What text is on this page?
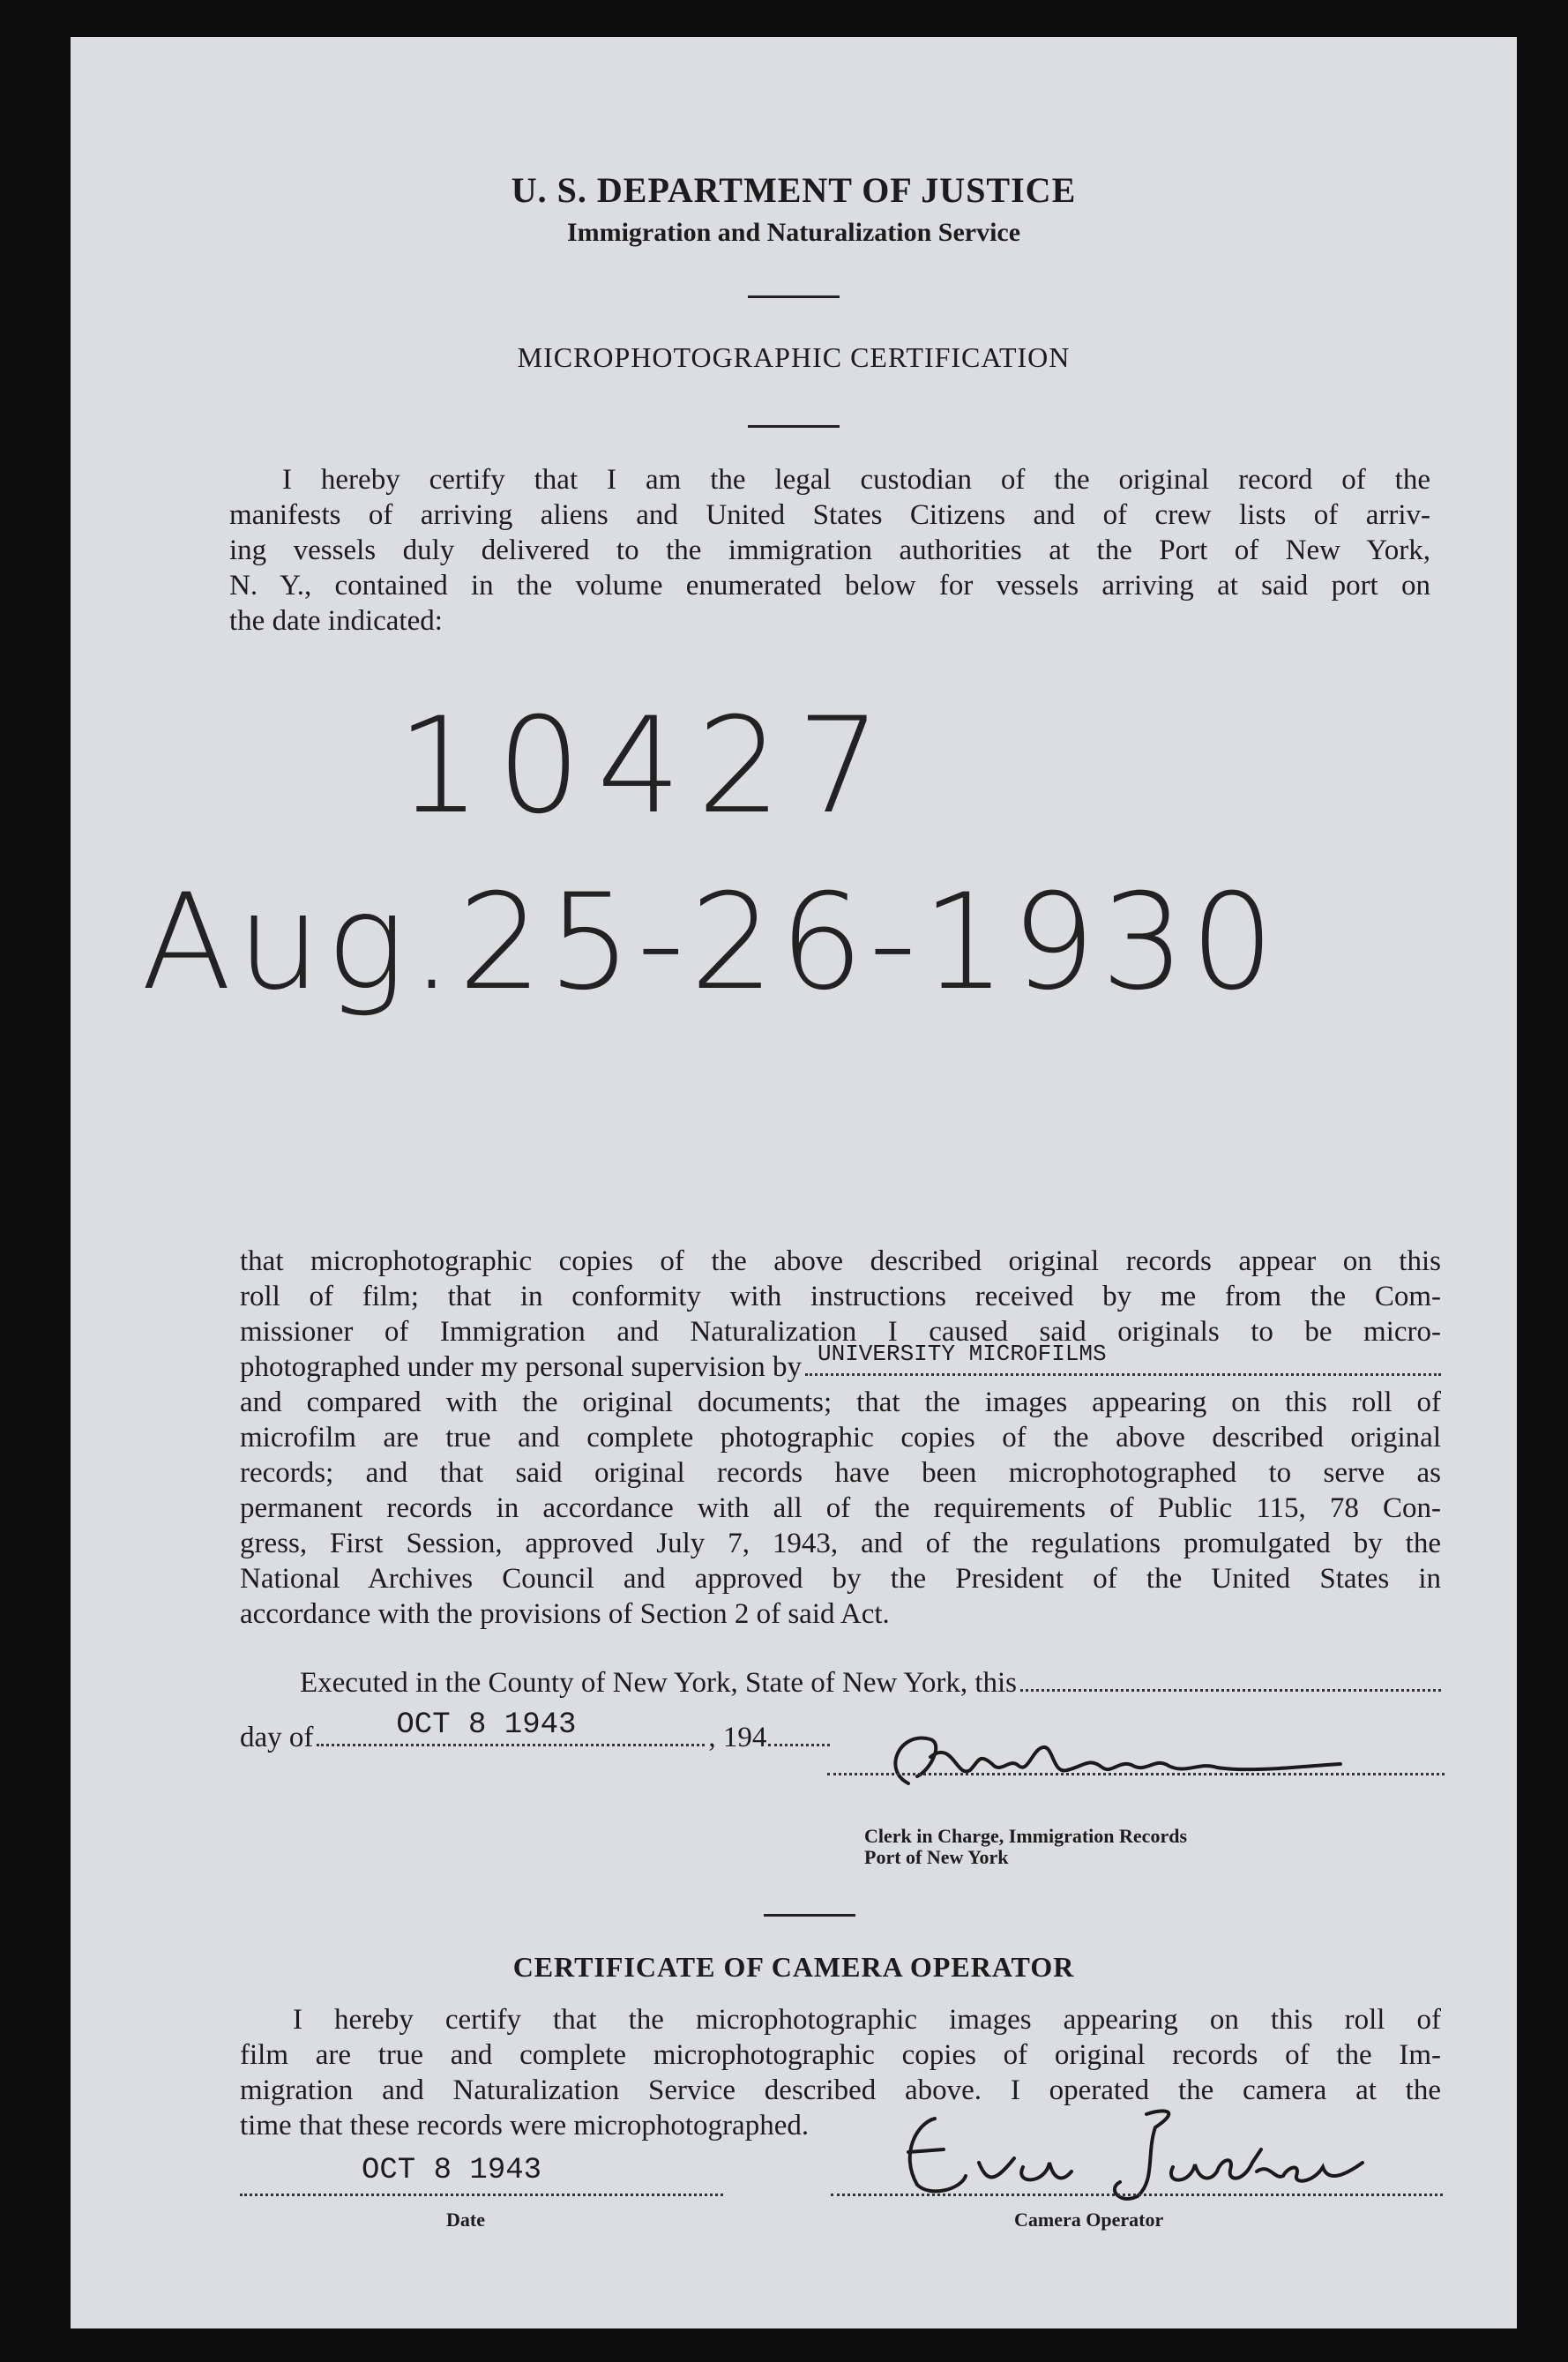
U. S. DEPARTMENT OF JUSTICE
Immigration and Naturalization Service
MICROPHOTOGRAPHIC CERTIFICATION

I hereby certify that I am the legal custodian of the original record of the
manifests of arriving aliens and United States Citizens and of crew lists of arriv-
ing vessels duly delivered to the immigration authorities at the Port of New York,
N. Y., contained in the volume enumerated below for vessels arriving at said port on
the date indicated:

10427
Aug.25-26-1930
that microphotographic copies of the above described original records appear on this
roll of film; that in conformity with instructions received by me from the Com-
missioner of Immigration and Naturalization I caused said originals to be micro-
photographed under my personal supervision by UNIVERSITY MICROFILMS
and compared with the original documents; that the images appearing on this roll of
microfilm are true and complete photographic copies of the above described original
records; and that said original records have been microphotographed to serve as
permanent records in accordance with all of the requirements of Public 115, 78 Con-
gress, First Session, approved July 7, 1943, and of the regulations promulgated by the
National Archives Council and approved by the President of the United States in
accordance with the provisions of Section 2 of said Act.
Executed in the County of New York, State of New York, this
day of	OCT 8 1943	, 194
Clerk in Charge, Immigration Records
Port of New York
CERTIFICATE OF CAMERA OPERATOR
I hereby certify that the microphotographic images appearing on this roll of
film are true and complete microphotographic copies of original records of the Im-
migration and Naturalization Service described above. I operated the camera at the
time that these records were microphotographed.
OCT 8 1943
Date	Camera Operator
